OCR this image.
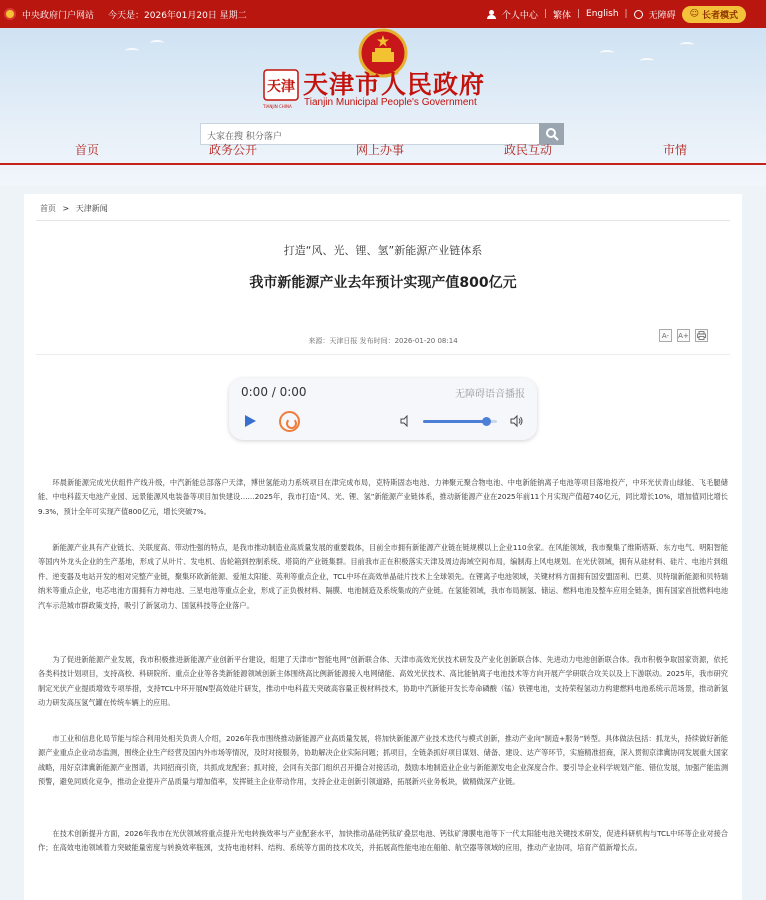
中央政府门户网站 今天是：2026年01月20日 星期二	个人中心 | 繁体 | English | 无障碍 ☺ 长者模式
天津
TIANJIN CHINA
天津市人民政府
Tianjin Municipal People's Government
大家在搜 积分落户
首页	政务公开	网上办事	政民互动	市情
首页 > 天津新闻
打造“风、光、锂、氢”新能源产业链体系
我市新能源产业去年预计实现产值800亿元
来源：天津日报 发布时间：2026-01-20 08:14
A- A+
0:00 / 0:00	无障碍语音播报
环晨新能源完成光伏组件产线升级，中汽新能总部落户天津，博世氢能动力系统项目在津完成布局，克特斯固态电池、力神聚元聚合物电池、中电新能钠离子电池等项目落地投产，中环光伏青山绿能、飞毛腿储能、中电科蓝天电池产业园、远景能源风电装备等项目加快建设……2025年，我市打造“风、光、锂、氢”新能源产业链体系，推动新能源产业在2025年前11个月实现产值超740亿元，同比增长10%，增加值同比增长9.3%，预计全年可实现产值800亿元，增长突破7%。
新能源产业具有产业链长、关联度高、带动性强的特点，是我市推动制造业高质量发展的重要载体，目前全市拥有新能源产业链在链规模以上企业110余家。在风能领域，我市聚集了维斯塔斯、东方电气、明阳智能等国内外龙头企业的生产基地，形成了从叶片、发电机、齿轮箱到控制系统、塔筒的产业链集群。目前我市正在积极落实天津及周边海域空间布局，编制海上风电规划。在光伏领域，拥有从硅材料、硅片、电池片到组件、逆变器及电站开发的相对完整产业链，聚集环欧新能源、爱旭太阳能、英利等重点企业，TCL中环在高效单晶硅片技术上全球领先。在锂离子电池领域，关键材料方面拥有国安盟固利、巴莫、贝特瑞新能源和贝特瑞纳米等重点企业，电芯电池方面拥有力神电池、三星电池等重点企业，形成了正负极材料、隔膜、电池制造及系统集成的产业链。在氢能领域，我市布局制氢、储运、燃料电池及整车应用全链条，拥有国家首批燃料电池汽车示范城市群政策支持，吸引了新氢动力、国氢科技等企业落户。
为了促进新能源产业发展，我市积极推进新能源产业创新平台建设，组建了天津市“智能电网”创新联合体、天津市高效光伏技术研发及产业化创新联合体、先进动力电池创新联合体。我市积极争取国家资源，依托各类科技计划项目，支持高校、科研院所、重点企业等各类新能源领域创新主体围绕高比例新能源接入电网储能、高效光伏技术、高比能钠离子电池技术等方向开展产学研联合攻关以及上下游联动。2025年，我市研究制定光伏产业提质增效专项举措，支持TCL中环开展N型高效硅片研发，推动中电科蓝天突破高容量正极材料技术，协助中汽新能开发长寿命磷酸（锰）铁锂电池，支持荣程氢动力构建燃料电池系统示范场景，推动新氢动力研发高压氢气罐在传统车辆上的应用。
市工业和信息化局节能与综合利用处相关负责人介绍，2026年我市围绕推动新能源产业高质量发展，将加快新能源产业技术迭代与模式创新，推动产业向“制造+服务”转型。具体做法包括：抓龙头，持续做好新能源产业重点企业动态监测，围绕企业生产经营及国内外市场等情况，及时对接服务，协助解决企业实际问题；抓项目，全链条抓好项目谋划、储备、建设、达产等环节，实施精准招商，深入贯彻京津冀协同发展重大国家战略，用好京津冀新能源产业图谱，共同招商引资，共抓成龙配套；抓对接，会同有关部门组织召开撮合对接活动，鼓励本地制造业企业与新能源发电企业深度合作。要引导企业科学规划产能、错位发展，加强产能监测预警，避免同质化竞争，推动企业提升产品质量与增加值率，发挥链主企业带动作用，支持企业走创新引领道路，拓展新兴业务板块，做精做深产业链。
在技术创新提升方面，2026年我市在光伏领域将重点提升光电转换效率与产业配套水平，加快推动晶硅钙钛矿叠层电池、钙钛矿薄膜电池等下一代太阳能电池关键技术研发，促进科研机构与TCL中环等企业对接合作；在高效电池领域着力突破能量密度与转换效率瓶颈，支持电池材料、结构、系统等方面的技术攻关，并拓展高性能电池在船舶、航空器等领域的应用，推动产业协同，培育产值新增长点。
